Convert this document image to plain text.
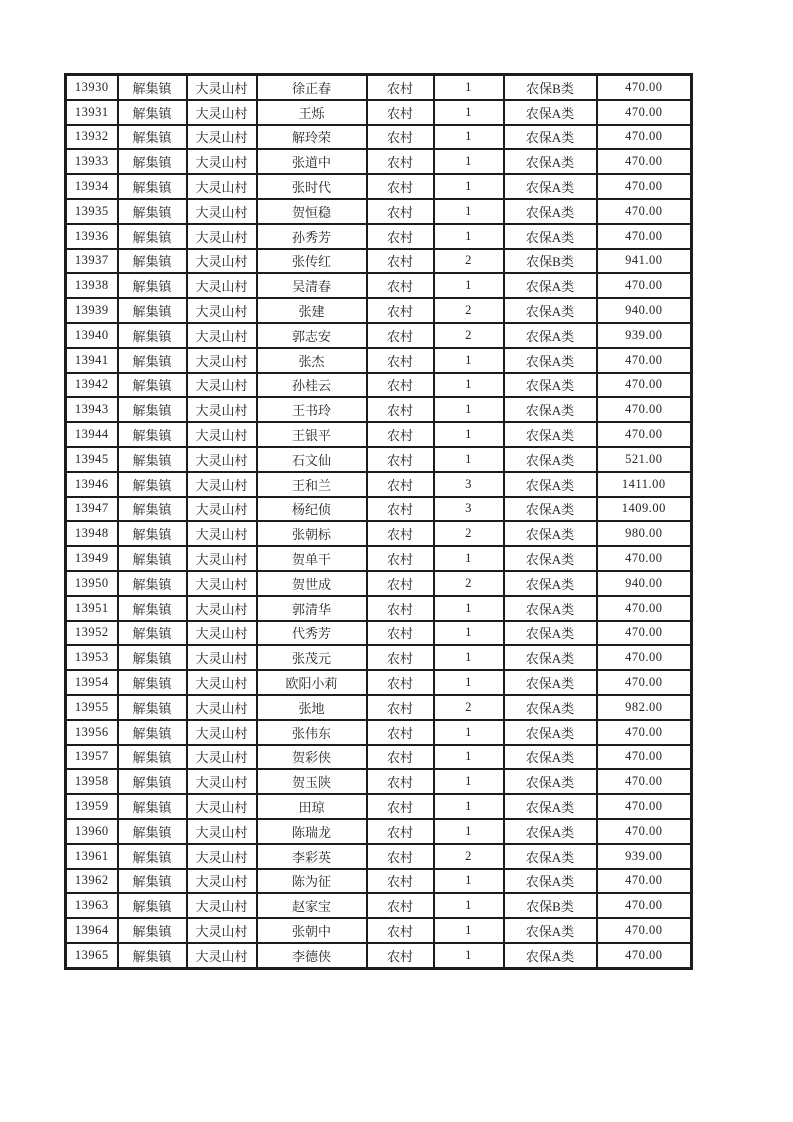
13930	解集镇	大灵山村	徐正春	农村	1	农保B类	470.00
13931	解集镇	大灵山村	王烁	农村	1	农保A类	470.00
13932	解集镇	大灵山村	解玲荣	农村	1	农保A类	470.00
13933	解集镇	大灵山村	张道中	农村	1	农保A类	470.00
13934	解集镇	大灵山村	张时代	农村	1	农保A类	470.00
13935	解集镇	大灵山村	贺恒稳	农村	1	农保A类	470.00
13936	解集镇	大灵山村	孙秀芳	农村	1	农保A类	470.00
13937	解集镇	大灵山村	张传红	农村	2	农保B类	941.00
13938	解集镇	大灵山村	吴清春	农村	1	农保A类	470.00
13939	解集镇	大灵山村	张建	农村	2	农保A类	940.00
13940	解集镇	大灵山村	郭志安	农村	2	农保A类	939.00
13941	解集镇	大灵山村	张杰	农村	1	农保A类	470.00
13942	解集镇	大灵山村	孙桂云	农村	1	农保A类	470.00
13943	解集镇	大灵山村	王书玲	农村	1	农保A类	470.00
13944	解集镇	大灵山村	王银平	农村	1	农保A类	470.00
13945	解集镇	大灵山村	石文仙	农村	1	农保A类	521.00
13946	解集镇	大灵山村	王和兰	农村	3	农保A类	1411.00
13947	解集镇	大灵山村	杨纪侦	农村	3	农保A类	1409.00
13948	解集镇	大灵山村	张朝标	农村	2	农保A类	980.00
13949	解集镇	大灵山村	贺单干	农村	1	农保A类	470.00
13950	解集镇	大灵山村	贺世成	农村	2	农保A类	940.00
13951	解集镇	大灵山村	郭清华	农村	1	农保A类	470.00
13952	解集镇	大灵山村	代秀芳	农村	1	农保A类	470.00
13953	解集镇	大灵山村	张茂元	农村	1	农保A类	470.00
13954	解集镇	大灵山村	欧阳小莉	农村	1	农保A类	470.00
13955	解集镇	大灵山村	张地	农村	2	农保A类	982.00
13956	解集镇	大灵山村	张伟东	农村	1	农保A类	470.00
13957	解集镇	大灵山村	贺彩侠	农村	1	农保A类	470.00
13958	解集镇	大灵山村	贺玉陕	农村	1	农保A类	470.00
13959	解集镇	大灵山村	田琼	农村	1	农保A类	470.00
13960	解集镇	大灵山村	陈瑞龙	农村	1	农保A类	470.00
13961	解集镇	大灵山村	李彩英	农村	2	农保A类	939.00
13962	解集镇	大灵山村	陈为征	农村	1	农保A类	470.00
13963	解集镇	大灵山村	赵家宝	农村	1	农保B类	470.00
13964	解集镇	大灵山村	张朝中	农村	1	农保A类	470.00
13965	解集镇	大灵山村	李德侠	农村	1	农保A类	470.00
